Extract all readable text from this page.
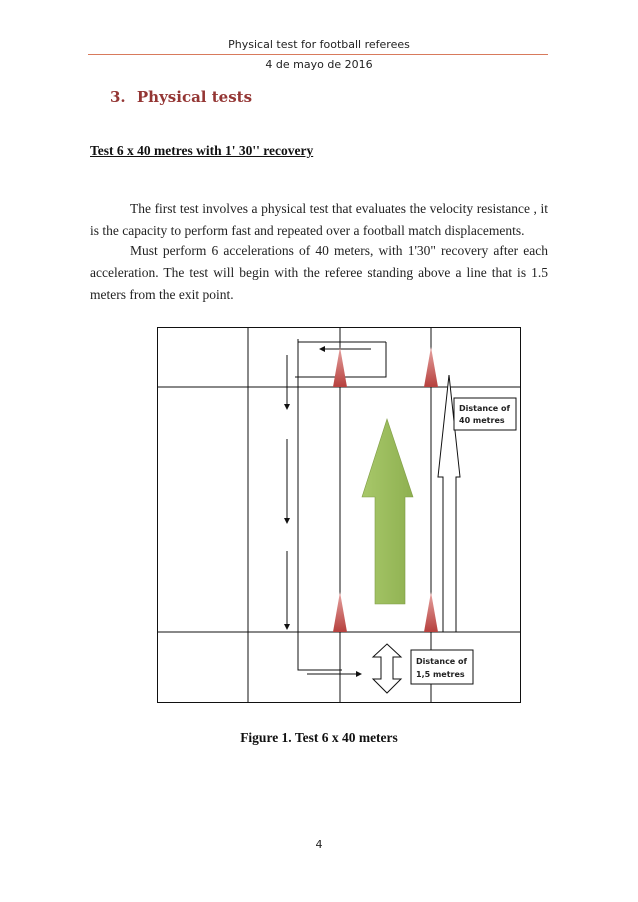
Physical test for football referees
4 de mayo de 2016
3. Physical tests
Test 6 x 40 metres with 1' 30'' recovery
The first test involves a physical test that evaluates the velocity resistance , it is the capacity to perform fast and repeated over a football match displacements.
Must perform 6 accelerations of 40 meters, with 1'30" recovery after each acceleration. The test will begin with the referee standing above a line that is 1.5 meters from the exit point.
Distance of
40 metres
Distance of
1,5 metres
Figure 1. Test 6 x 40 meters
4
